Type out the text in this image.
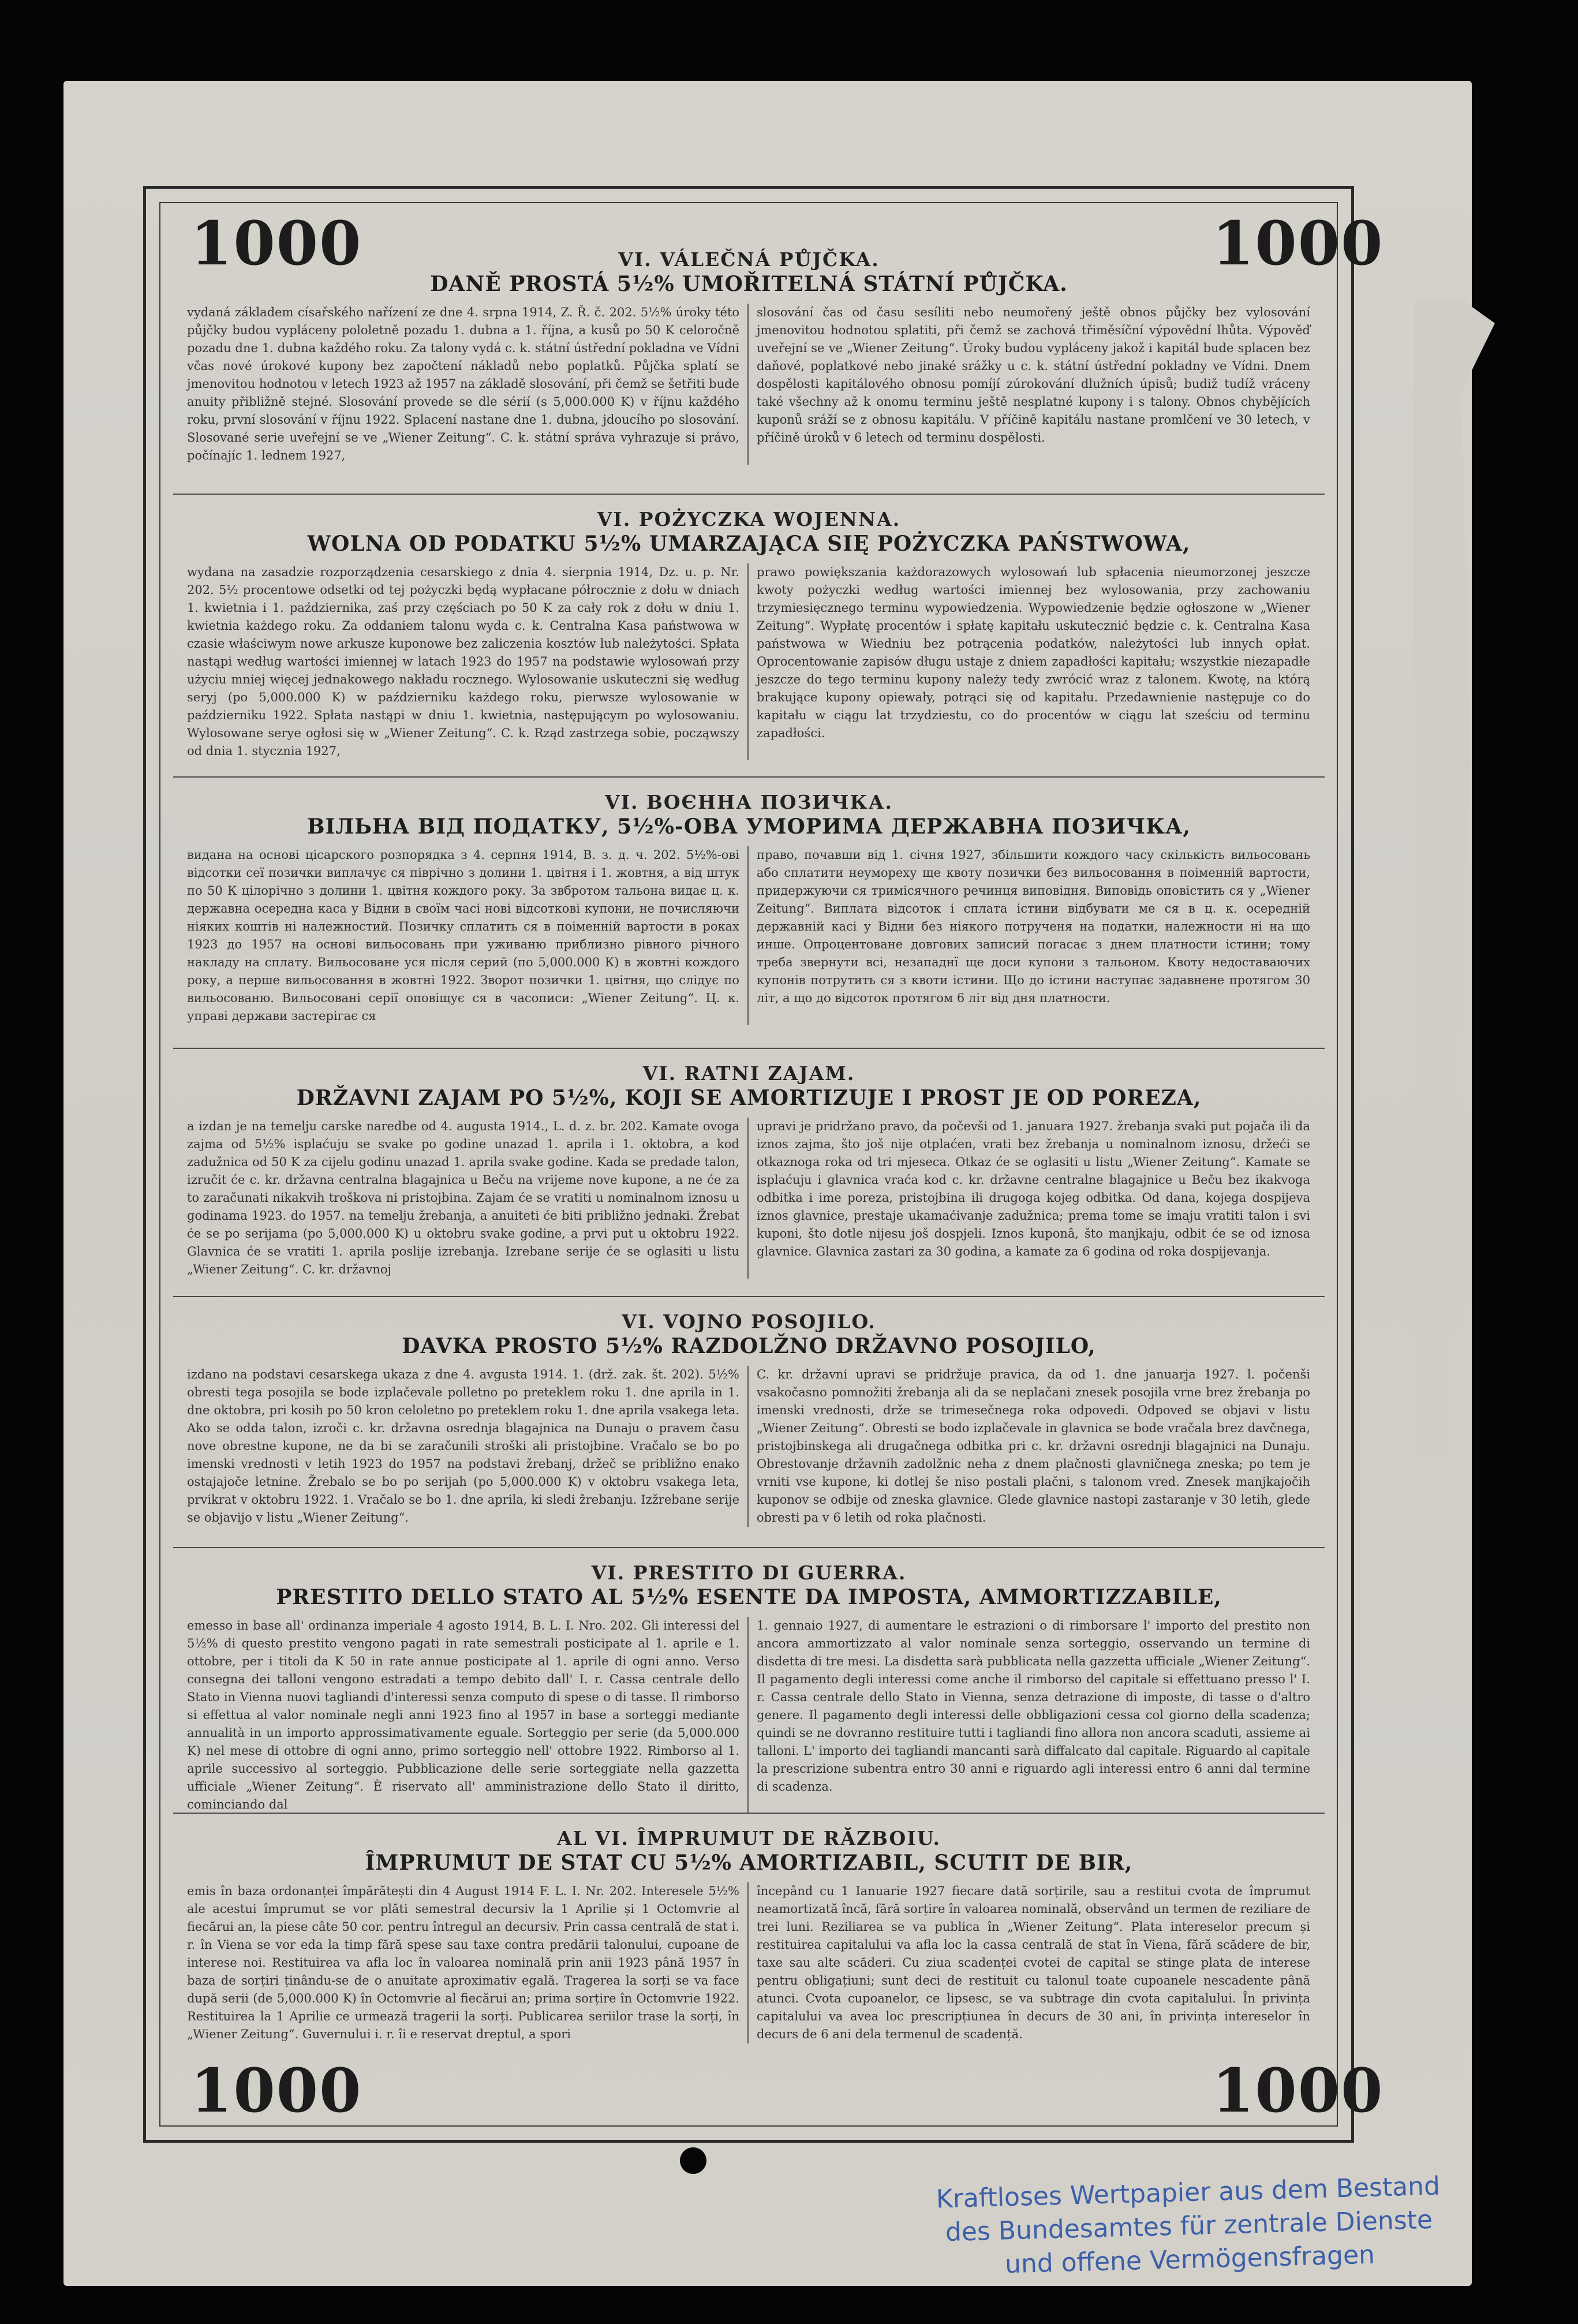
1000	1000
1000	1000

VI. VÁLEČNÁ PŮJČKA.

DANĚ PROSTÁ 5½% UMOŘITELNÁ STÁTNÍ PŮJČKA.

vydaná základem císařského nařízení ze dne 4. srpna 1914, Z. Ř. č. 202. 5½% úroky této půjčky budou vypláceny pololetně pozadu 1. dubna a 1. října, a kusů po 50 K celoročně pozadu dne 1. dubna každého roku. Za talony vydá c. k. státní ústřední pokladna ve Vídni včas nové úrokové kupony bez započtení nákladů nebo poplatků. Půjčka splatí se jmenovitou hodnotou v letech 1923 až 1957 na základě slosování, při čemž se šetřiti bude anuity přibližně stejné. Slosování provede se dle sérií (s 5,000.000 K) v říjnu každého roku, první slosování v říjnu 1922. Splacení nastane dne 1. dubna, jdoucího po slosování. Slosované serie uveřejní se ve „Wiener Zeitung“. C. k. státní správa vyhrazuje si právo, počínajíc 1. lednem 1927,
slosování čas od času sesíliti nebo neumořený ještě obnos půjčky bez vylosování jmenovitou hodnotou splatiti, při čemž se zachová třiměsíční výpovědní lhůta. Výpověď uveřejní se ve „Wiener Zeitung“. Úroky budou vypláceny jakož i kapitál bude splacen bez daňové, poplatkové nebo jinaké srážky u c. k. státní ústřední pokladny ve Vídni. Dnem dospělosti kapitálového obnosu pomíjí zúrokování dlužních úpisů; budiž tudíž vráceny také všechny až k onomu terminu ještě nesplatné kupony i s talony. Obnos chybějících kuponů sráží se z obnosu kapitálu. V příčině kapitálu nastane promlčení ve 30 letech, v příčině úroků v 6 letech od terminu dospělosti.

VI. POŻYCZKA WOJENNA.

WOLNA OD PODATKU 5½% UMARZAJĄCA SIĘ POŻYCZKA PAŃSTWOWA,

wydana na zasadzie rozporządzenia cesarskiego z dnia 4. sierpnia 1914, Dz. u. p. Nr. 202. 5½ procentowe odsetki od tej pożyczki będą wypłacane półrocznie z dołu w dniach 1. kwietnia i 1. października, zaś przy częściach po 50 K za cały rok z dołu w dniu 1. kwietnia każdego roku. Za oddaniem talonu wyda c. k. Centralna Kasa państwowa w czasie właściwym nowe arkusze kuponowe bez zaliczenia kosztów lub należytości. Spłata nastąpi według wartości imiennej w latach 1923 do 1957 na podstawie wylosowań przy użyciu mniej więcej jednakowego nakładu rocznego. Wylosowanie uskuteczni się według seryj (po 5,000.000 K) w październiku każdego roku, pierwsze wylosowanie w październiku 1922. Spłata nastąpi w dniu 1. kwietnia, następującym po wylosowaniu. Wylosowane serye ogłosi się w „Wiener Zeitung“. C. k. Rząd zastrzega sobie, począwszy od dnia 1. stycznia 1927,
prawo powiększania każdorazowych wylosowań lub spłacenia nieumorzonej jeszcze kwoty pożyczki według wartości imiennej bez wylosowania, przy zachowaniu trzymiesięcznego terminu wypowiedzenia. Wypowiedzenie będzie ogłoszone w „Wiener Zeitung“. Wypłatę procentów i spłatę kapitału uskutecznić będzie c. k. Centralna Kasa państwowa w Wiedniu bez potrącenia podatków, należytości lub innych opłat. Oprocentowanie zapisów długu ustaje z dniem zapadłości kapitału; wszystkie niezapadłe jeszcze do tego terminu kupony należy tedy zwrócić wraz z talonem. Kwotę, na którą brakujące kupony opiewały, potrąci się od kapitału. Przedawnienie następuje co do kapitału w ciągu lat trzydziestu, co do procentów w ciągu lat sześciu od terminu zapadłości.

VI. ВОЄННА ПОЗИЧКА.

ВІЛЬНА ВІД ПОДАТКУ, 5½%-ОВА УМОРИМА ДЕРЖАВНА ПОЗИЧКА,

видана на основі цісарского розпорядка з 4. серпня 1914, В. з. д. ч. 202. 5½%-ові відсотки сеї позички виплачує ся піврічно з долини 1. цвітня і 1. жовтня, а від штук по 50 К цілорічно з долини 1. цвітня кождого року. За звбротом тальона видає ц. к. державна осередна каса у Відни в своїм часі нові відсоткові купони, не почисляючи ніяких коштів ні належностий. Позичку сплатить ся в поіменній вартости в роках 1923 до 1957 на основі вильосовань при уживаню приблизно рівного річного накладу на сплату. Вильосоване уся після серий (по 5,000.000 К) в жовтні кождого року, а перше вильосовання в жовтні 1922. Зворот позички 1. цвітня, що слідує по вильосованю. Вильосовані серії оповіщує ся в часописи: „Wiener Zeitung“. Ц. к. управі держави застерігає ся
право, почавши від 1. січня 1927, збільшити кождого часу скількість вильосовань або сплатити неумореху ще квоту позички без вильосовання в поіменній вартости, придержуючи ся тримісячного речинця виповідня. Виповідь оповістить ся у „Wiener Zeitung“. Виплата відсоток і сплата істини відбувати ме ся в ц. к. осередній державній касі у Відни без ніякого потрученя на податки, належности ні на що инше. Опроцентоване довгових записий погасає з днем платности істини; тому треба звернути всі, незападнї ще доси купони з тальоном. Квоту недоставаючих купонів потрутить ся з квоти істини. Що до істини наступає задавнене протягом 30 літ, а що до відсоток протягом 6 літ від дня платности.

VI. RATNI ZAJAM.

DRŽAVNI ZAJAM PO 5½%, KOJI SE AMORTIZUJE I PROST JE OD POREZA,

a izdan je na temelju carske naredbe od 4. augusta 1914., L. d. z. br. 202. Kamate ovoga zajma od 5½% isplaćuju se svake po godine unazad 1. aprila i 1. oktobra, a kod zadužnica od 50 K za cijelu godinu unazad 1. aprila svake godine. Kada se predade talon, izručit će c. kr. državna centralna blagajnica u Beču na vrijeme nove kupone, a ne će za to zaračunati nikakvih troškova ni pristojbina. Zajam će se vratiti u nominalnom iznosu u godinama 1923. do 1957. na temelju žrebanja, a anuiteti će biti približno jednaki. Žrebat će se po serijama (po 5,000.000 K) u oktobru svake godine, a prvi put u oktobru 1922. Glavnica će se vratiti 1. aprila poslije izrebanja. Izrebane serije će se oglasiti u listu „Wiener Zeitung“. C. kr. državnoj
upravi je pridržano pravo, da počevši od 1. januara 1927. žrebanja svaki put pojača ili da iznos zajma, što još nije otplaćen, vrati bez žrebanja u nominalnom iznosu, držeći se otkaznoga roka od tri mjeseca. Otkaz će se oglasiti u listu „Wiener Zeitung“. Kamate se isplaćuju i glavnica vraća kod c. kr. državne centralne blagajnice u Beču bez ikakvoga odbitka i ime poreza, pristojbina ili drugoga kojeg odbitka. Od dana, kojega dospijeva iznos glavnice, prestaje ukamaćivanje zadužnica; prema tome se imaju vratiti talon i svi kuponi, što dotle nijesu još dospjeli. Iznos kuponâ, što manjkaju, odbit će se od iznosa glavnice. Glavnica zastari za 30 godina, a kamate za 6 godina od roka dospijevanja.

VI. VOJNO POSOJILO.

DAVKA PROSTO 5½% RAZDOLŽNO DRŽAVNO POSOJILO,

izdano na podstavi cesarskega ukaza z dne 4. avgusta 1914. 1. (drž. zak. št. 202). 5½% obresti tega posojila se bode izplačevale polletno po preteklem roku 1. dne aprila in 1. dne oktobra, pri kosih po 50 kron celoletno po preteklem roku 1. dne aprila vsakega leta. Ako se odda talon, izroči c. kr. državna osrednja blagajnica na Dunaju o pravem času nove obrestne kupone, ne da bi se zaračunili stroški ali pristojbine. Vračalo se bo po imenski vrednosti v letih 1923 do 1957 na podstavi žrebanj, držeč se približno enako ostajajoče letnine. Žrebalo se bo po serijah (po 5,000.000 K) v oktobru vsakega leta, prvikrat v oktobru 1922. 1. Vračalo se bo 1. dne aprila, ki sledi žrebanju. Izžrebane serije se objavijo v listu „Wiener Zeitung“.
C. kr. državni upravi se pridržuje pravica, da od 1. dne januarja 1927. l. počenši vsakočasno pomnožiti žrebanja ali da se neplačani znesek posojila vrne brez žrebanja po imenski vrednosti, drže se trimesečnega roka odpovedi. Odpoved se objavi v listu „Wiener Zeitung“. Obresti se bodo izplačevale in glavnica se bode vračala brez davčnega, pristojbinskega ali drugačnega odbitka pri c. kr. državni osrednji blagajnici na Dunaju. Obrestovanje državnih zadolžnic neha z dnem plačnosti glavničnega zneska; po tem je vrniti vse kupone, ki dotlej še niso postali plačni, s talonom vred. Znesek manjkajočih kuponov se odbije od zneska glavnice. Glede glavnice nastopi zastaranje v 30 letih, glede obresti pa v 6 letih od roka plačnosti.

VI. PRESTITO DI GUERRA.

PRESTITO DELLO STATO AL 5½% ESENTE DA IMPOSTA, AMMORTIZZABILE,

emesso in base all' ordinanza imperiale 4 agosto 1914, B. L. I. Nro. 202. Gli interessi del 5½% di questo prestito vengono pagati in rate semestrali posticipate al 1. aprile e 1. ottobre, per i titoli da K 50 in rate annue posticipate al 1. aprile di ogni anno. Verso consegna dei talloni vengono estradati a tempo debito dall' I. r. Cassa centrale dello Stato in Vienna nuovi tagliandi d'interessi senza computo di spese o di tasse. Il rimborso si effettua al valor nominale negli anni 1923 fino al 1957 in base a sorteggi mediante annualità in un importo approssimativamente eguale. Sorteggio per serie (da 5,000.000 K) nel mese di ottobre di ogni anno, primo sorteggio nell' ottobre 1922. Rimborso al 1. aprile successivo al sorteggio. Pubblicazione delle serie sorteggiate nella gazzetta ufficiale „Wiener Zeitung“. È riservato all' amministrazione dello Stato il diritto, cominciando dal
1. gennaio 1927, di aumentare le estrazioni o di rimborsare l' importo del prestito non ancora ammortizzato al valor nominale senza sorteggio, osservando un termine di disdetta di tre mesi. La disdetta sarà pubblicata nella gazzetta ufficiale „Wiener Zeitung“. Il pagamento degli interessi come anche il rimborso del capitale si effettuano presso l' I. r. Cassa centrale dello Stato in Vienna, senza detrazione di imposte, di tasse o d'altro genere. Il pagamento degli interessi delle obbligazioni cessa col giorno della scadenza; quindi se ne dovranno restituire tutti i tagliandi fino allora non ancora scaduti, assieme ai talloni. L' importo dei tagliandi mancanti sarà diffalcato dal capitale. Riguardo al capitale la prescrizione subentra entro 30 anni e riguardo agli interessi entro 6 anni dal termine di scadenza.

AL VI. ÎMPRUMUT DE RĂZBOIU.

ÎMPRUMUT DE STAT CU 5½% AMORTIZABIL, SCUTIT DE BIR,

emis în baza ordonanței împărătești din 4 August 1914 F. L. I. Nr. 202. Interesele 5½% ale acestui împrumut se vor plăti semestral decursiv la 1 Aprilie și 1 Octomvrie al fiecărui an, la piese câte 50 cor. pentru întregul an decursiv. Prin cassa centrală de stat i. r. în Viena se vor eda la timp fără spese sau taxe contra predării talonului, cupoane de interese noi. Restituirea va afla loc în valoarea nominală prin anii 1923 până 1957 în baza de sorțiri ținându-se de o anuitate aproximativ egală. Tragerea la sorți se va face după serii (de 5,000.000 K) în Octomvrie al fiecărui an; prima sorțire în Octomvrie 1922. Restituirea la 1 Aprilie ce urmează tragerii la sorți. Publicarea seriilor trase la sorți, în „Wiener Zeitung“. Guvernului i. r. îi e reservat dreptul, a spori
începând cu 1 Ianuarie 1927 fiecare dată sorțirile, sau a restitui cvota de împrumut neamortizată încă, fără sorțire în valoarea nominală, observând un termen de reziliare de trei luni. Reziliarea se va publica în „Wiener Zeitung“. Plata intereselor precum și restituirea capitalului va afla loc la cassa centrală de stat în Viena, fără scădere de bir, taxe sau alte scăderi. Cu ziua scadenței cvotei de capital se stinge plata de interese pentru obligațiuni; sunt deci de restituit cu talonul toate cupoanele nescadente până atunci. Cvota cupoanelor, ce lipsesc, se va subtrage din cvota capitalului. În privința capitalului va avea loc prescripțiunea în decurs de 30 ani, în privința intereselor în decurs de 6 ani dela termenul de scadență.
Kraftloses Wertpapier aus dem Bestand
des Bundesamtes für zentrale Dienste
und offene Vermögensfragen
